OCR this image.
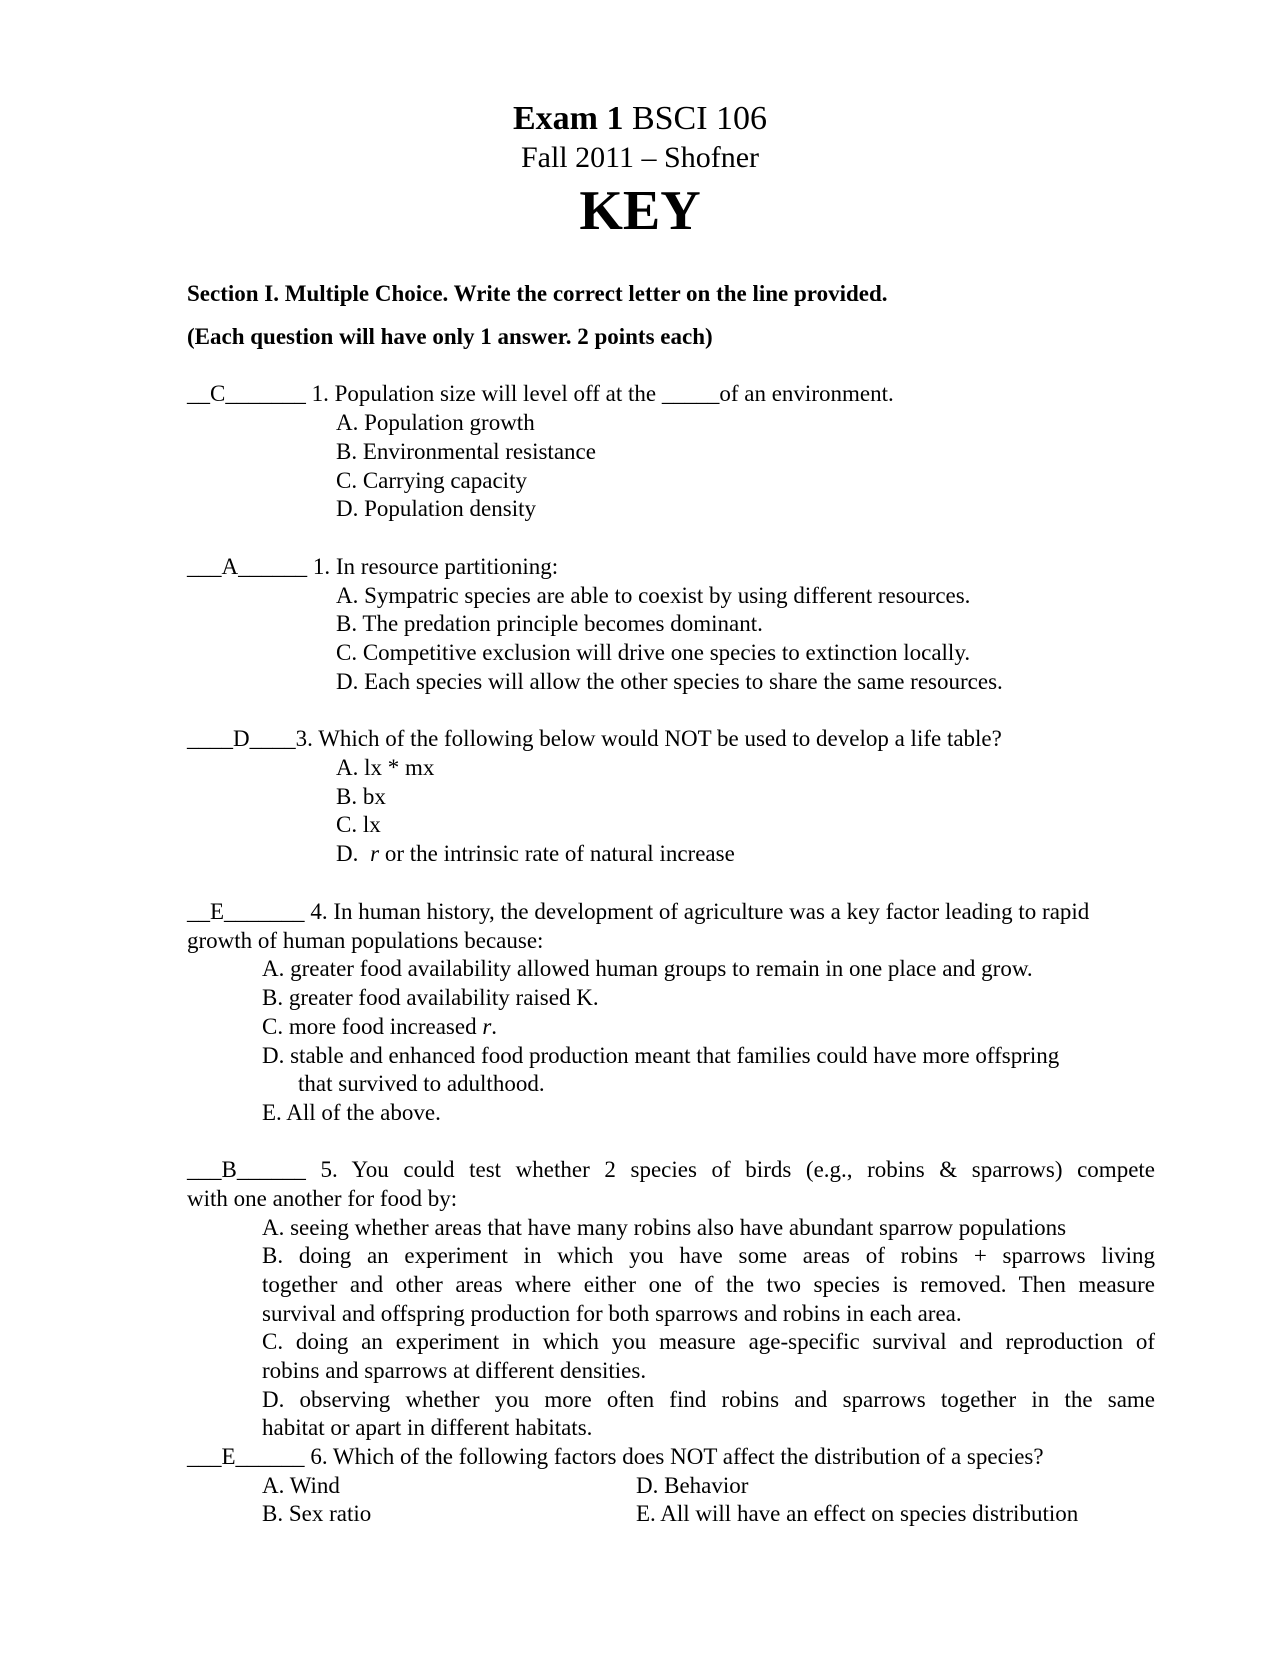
Exam 1 BSCI 106
Fall 2011 – Shofner
KEY
Section I. Multiple Choice. Write the correct letter on the line provided.
(Each question will have only 1 answer. 2 points each)
__C_______ 1. Population size will level off at the _____of an environment.
A. Population growth
B. Environmental resistance
C. Carrying capacity
D. Population density
___A______ 1. In resource partitioning:
A. Sympatric species are able to coexist by using different resources.
B. The predation principle becomes dominant.
C. Competitive exclusion will drive one species to extinction locally.
D. Each species will allow the other species to share the same resources.
____D____3. Which of the following below would NOT be used to develop a life table?
A. lx * mx
B. bx
C. lx
D. r or the intrinsic rate of natural increase
__E_______ 4. In human history, the development of agriculture was a key factor leading to rapid
growth of human populations because:
A. greater food availability allowed human groups to remain in one place and grow.
B. greater food availability raised K.
C. more food increased r.
D. stable and enhanced food production meant that families could have more offspring
that survived to adulthood.
E. All of the above.
___B______ 5. You could test whether 2 species of birds (e.g., robins & sparrows) compete
with one another for food by:
A. seeing whether areas that have many robins also have abundant sparrow populations
B. doing an experiment in which you have some areas of robins + sparrows living
together and other areas where either one of the two species is removed. Then measure
survival and offspring production for both sparrows and robins in each area.
C. doing an experiment in which you measure age-specific survival and reproduction of
robins and sparrows at different densities.
D. observing whether you more often find robins and sparrows together in the same
habitat or apart in different habitats.
___E______ 6. Which of the following factors does NOT affect the distribution of a species?
A. Wind
B. Sex ratio
D. Behavior
E. All will have an effect on species distribution
